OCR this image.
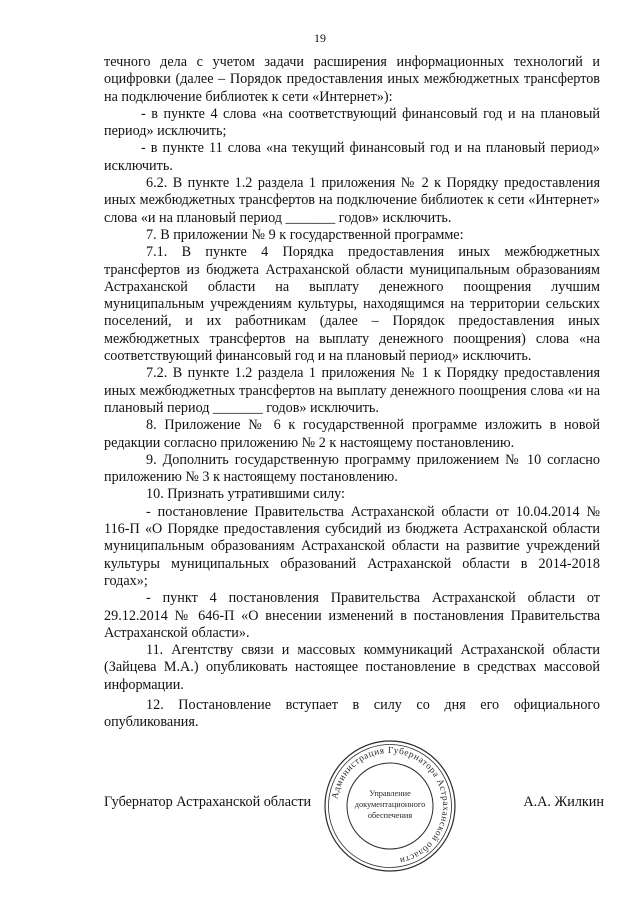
19

течного дела с учетом задачи расширения информационных технологий и оцифровки (далее – Порядок предоставления иных межбюджетных трансфертов на подключение библиотек к сети «Интернет»):

- в пункте 4 слова «на соответствующий финансовый год и на плановый период» исключить;

- в пункте 11 слова «на текущий финансовый год и на плановый период» исключить.

6.2. В пункте 1.2 раздела 1 приложения № 2 к Порядку предоставления иных межбюджетных трансфертов на подключение библиотек к сети «Интернет» слова «и на плановый период _______ годов» исключить.

7. В приложении № 9 к государственной программе:

7.1. В пункте 4 Порядка предоставления иных межбюджетных трансфертов из бюджета Астраханской области муниципальным образованиям Астраханской области на выплату денежного поощрения лучшим муниципальным учреждениям культуры, находящимся на территории сельских поселений, и их работникам (далее – Порядок предоставления иных межбюджетных трансфертов на выплату денежного поощрения) слова «на соответствующий финансовый год и на плановый период» исключить.

7.2. В пункте 1.2 раздела 1 приложения № 1 к Порядку предоставления иных межбюджетных трансфертов на выплату денежного поощрения слова «и на плановый период _______ годов» исключить.

8. Приложение № 6 к государственной программе изложить в новой редакции согласно приложению № 2 к настоящему постановлению.

9. Дополнить государственную программу приложением № 10 согласно приложению № 3 к настоящему постановлению.

10. Признать утратившими силу:

- постановление Правительства Астраханской области от 10.04.2014 № 116-П «О Порядке предоставления субсидий из бюджета Астраханской области муниципальным образованиям Астраханской области на развитие учреждений культуры муниципальных образований Астраханской области в 2014-2018 годах»;

- пункт 4 постановления Правительства Астраханской области от 29.12.2014 № 646-П «О внесении изменений в постановления Правительства Астраханской области».

11. Агентству связи и массовых коммуникаций Астраханской области (Зайцева М.А.) опубликовать настоящее постановление в средствах массовой информации.

12. Постановление вступает в силу со дня его официального опубликования.

Губернатор Астраханской области	А.А. Жилкин
Администрация Губернатора Астраханской области
Управление
документационного
обеспечения
